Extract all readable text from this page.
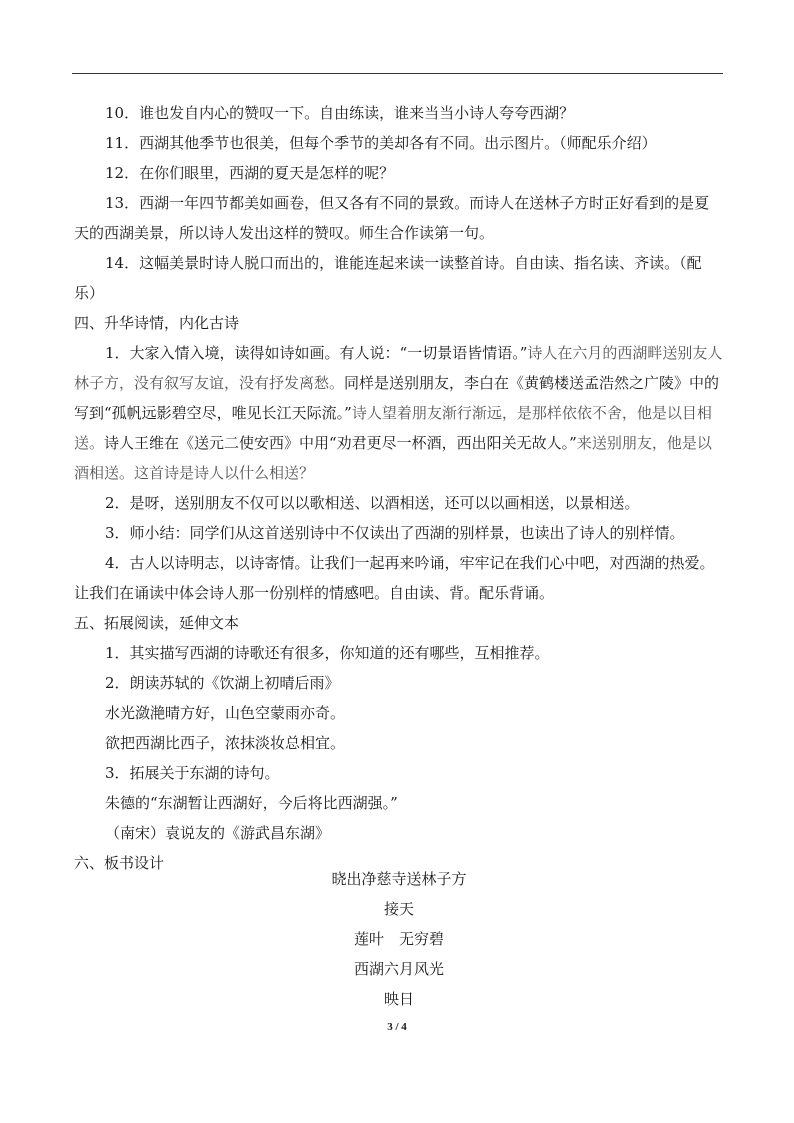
10．谁也发自内心的赞叹一下。自由练读，谁来当当小诗人夸夸西湖？

11．西湖其他季节也很美，但每个季节的美却各有不同。出示图片。（师配乐介绍）

12．在你们眼里，西湖的夏天是怎样的呢？

13．西湖一年四节都美如画卷，但又各有不同的景致。而诗人在送林子方时正好看到的是夏天的西湖美景，所以诗人发出这样的赞叹。师生合作读第一句。

14．这幅美景时诗人脱口而出的，谁能连起来读一读整首诗。自由读、指名读、齐读。（配乐）

四、升华诗情，内化古诗

1．大家入情入境，读得如诗如画。有人说：“一切景语皆情语。”诗人在六月的西湖畔送别友人林子方，没有叙写友谊，没有抒发离愁。同样是送别朋友，李白在《黄鹤楼送孟浩然之广陵》中的写到“孤帆远影碧空尽，唯见长江天际流。”诗人望着朋友渐行渐远，是那样依依不舍，他是以目相送。诗人王维在《送元二使安西》中用“劝君更尽一杯酒，西出阳关无故人。”来送别朋友，他是以酒相送。这首诗是诗人以什么相送？

2．是呀，送别朋友不仅可以以歌相送、以酒相送，还可以以画相送，以景相送。

3．师小结：同学们从这首送别诗中不仅读出了西湖的别样景，也读出了诗人的别样情。

4．古人以诗明志，以诗寄情。让我们一起再来吟诵，牢牢记在我们心中吧，对西湖的热爱。让我们在诵读中体会诗人那一份别样的情感吧。自由读、背。配乐背诵。

五、拓展阅读，延伸文本

1．其实描写西湖的诗歌还有很多，你知道的还有哪些，互相推荐。

2．朗读苏轼的《饮湖上初晴后雨》

水光潋滟晴方好，山色空蒙雨亦奇。

欲把西湖比西子，浓抹淡妆总相宜。

3．拓展关于东湖的诗句。

朱德的“东湖暂让西湖好，今后将比西湖强。”

（南宋）袁说友的《游武昌东湖》

六、板书设计

晓出净慈寺送林子方

接天

莲叶　无穷碧

西湖六月风光

映日

3 / 4
